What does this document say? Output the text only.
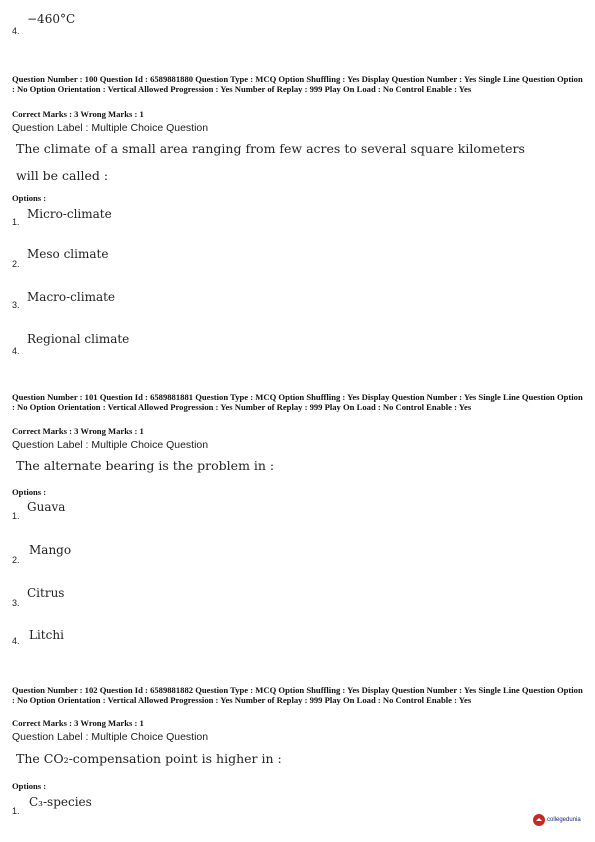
4.
−460°C
Question Number : 100 Question Id : 6589881880 Question Type : MCQ Option Shuffling : Yes Display Question Number : Yes Single Line Question Option : No Option Orientation : Vertical Allowed Progression : Yes Number of Replay : 999 Play On Load : No Control Enable : Yes
Correct Marks : 3 Wrong Marks : 1
Question Label : Multiple Choice Question
The climate of a small area ranging from few acres to several square kilometers
will be called :
Options :
1.
Micro-climate
2.
Meso climate
3.
Macro-climate
4.
Regional climate
Question Number : 101 Question Id : 6589881881 Question Type : MCQ Option Shuffling : Yes Display Question Number : Yes Single Line Question Option : No Option Orientation : Vertical Allowed Progression : Yes Number of Replay : 999 Play On Load : No Control Enable : Yes
Correct Marks : 3 Wrong Marks : 1
Question Label : Multiple Choice Question
The alternate bearing is the problem in :
Options :
1.
Guava
2.
Mango
3.
Citrus
4. Litchi
Question Number : 102 Question Id : 6589881882 Question Type : MCQ Option Shuffling : Yes Display Question Number : Yes Single Line Question Option : No Option Orientation : Vertical Allowed Progression : Yes Number of Replay : 999 Play On Load : No Control Enable : Yes
Correct Marks : 3 Wrong Marks : 1
Question Label : Multiple Choice Question
The CO₂-compensation point is higher in :
Options :
1.
C₃-species
collegedunia
